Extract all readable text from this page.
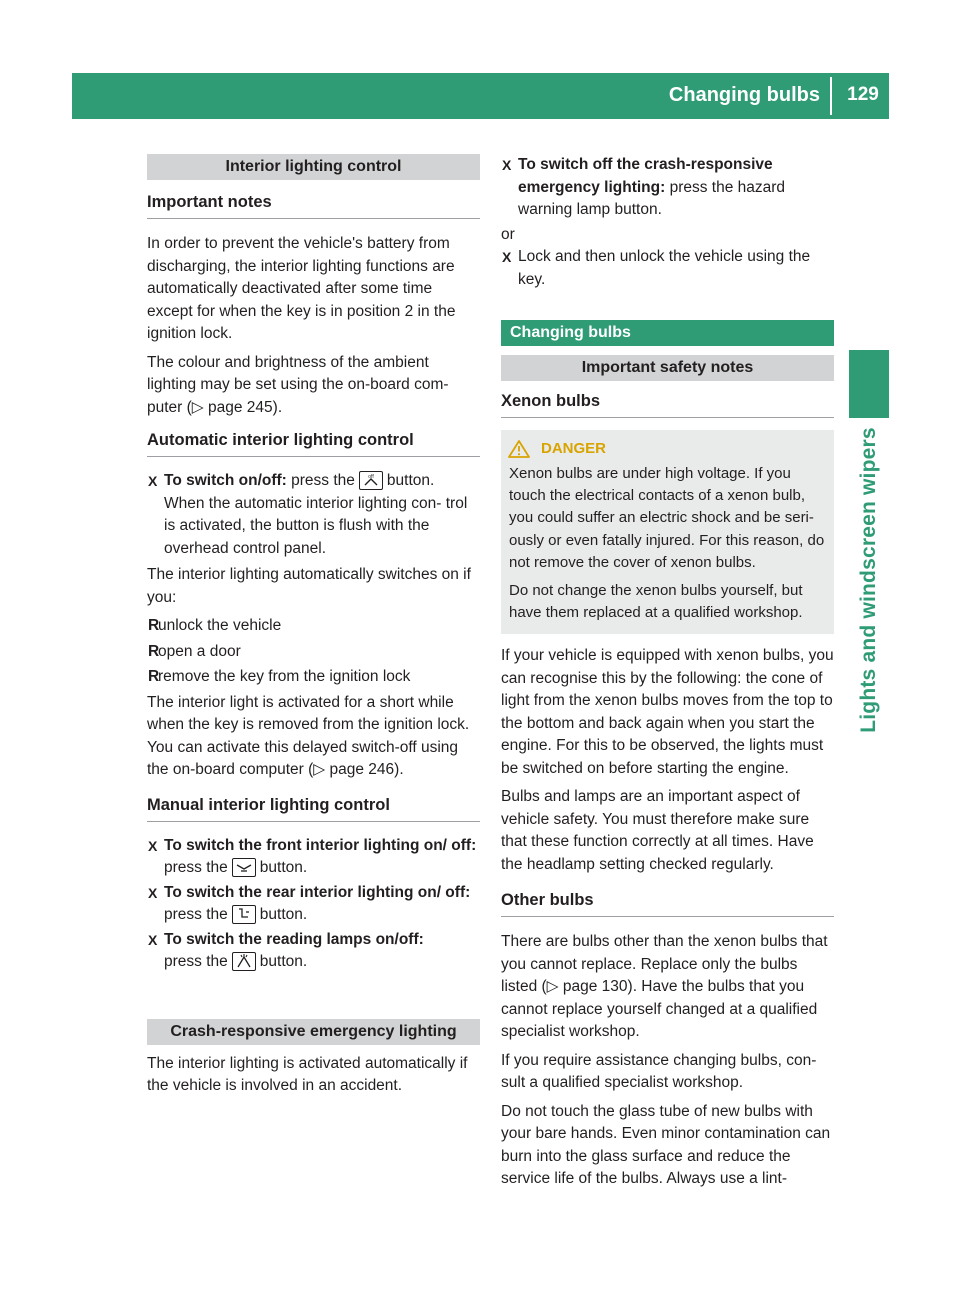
Changing bulbs	129
Lights and windscreen wipers
Interior lighting control
Important notes

In order to prevent the vehicle's battery from discharging, the interior lighting functions are automatically deactivated after some time except for when the key is in position 2 in the ignition lock.

The colour and brightness of the ambient lighting may be set using the on-board com- puter (▷ page 245).

Automatic interior lighting control
X To switch on/off: press the	off button.
When the automatic interior lighting con- trol is activated, the button is flush with the overhead control panel.

The interior lighting automatically switches on if you:

R
unlock the vehicle
R
open a door
R
remove the key from the ignition lock

The interior light is activated for a short while when the key is removed from the ignition lock. You can activate this delayed switch-off using the on-board computer (▷ page 246).

Manual interior lighting control
X To switch the front interior lighting on/ off: press the button.
X To switch the rear interior lighting on/ off: press the button.
X To switch the reading lamps on/off:
press the button.
Crash-responsive emergency lighting

The interior lighting is activated automatically if the vehicle is involved in an accident.

X To switch off the crash-responsive emergency lighting: press the hazard warning lamp button.

or

X Lock and then unlock the vehicle using the key.
Changing bulbs
Important safety notes
Xenon bulbs
DANGER

Xenon bulbs are under high voltage. If you touch the electrical contacts of a xenon bulb, you could suffer an electric shock and be seri- ously or even fatally injured. For this reason, do not remove the cover of xenon bulbs.

Do not change the xenon bulbs yourself, but have them replaced at a qualified workshop.

If your vehicle is equipped with xenon bulbs, you can recognise this by the following: the cone of light from the xenon bulbs moves from the top to the bottom and back again when you start the engine. For this to be observed, the lights must be switched on before starting the engine.

Bulbs and lamps are an important aspect of vehicle safety. You must therefore make sure that these function correctly at all times. Have the headlamp setting checked regularly.

Other bulbs

There are bulbs other than the xenon bulbs that you cannot replace. Replace only the bulbs listed (▷ page 130). Have the bulbs that you cannot replace yourself changed at a qualified specialist workshop.

If you require assistance changing bulbs, con- sult a qualified specialist workshop.

Do not touch the glass tube of new bulbs with your bare hands. Even minor contamination can burn into the glass surface and reduce the service life of the bulbs. Always use a lint-
